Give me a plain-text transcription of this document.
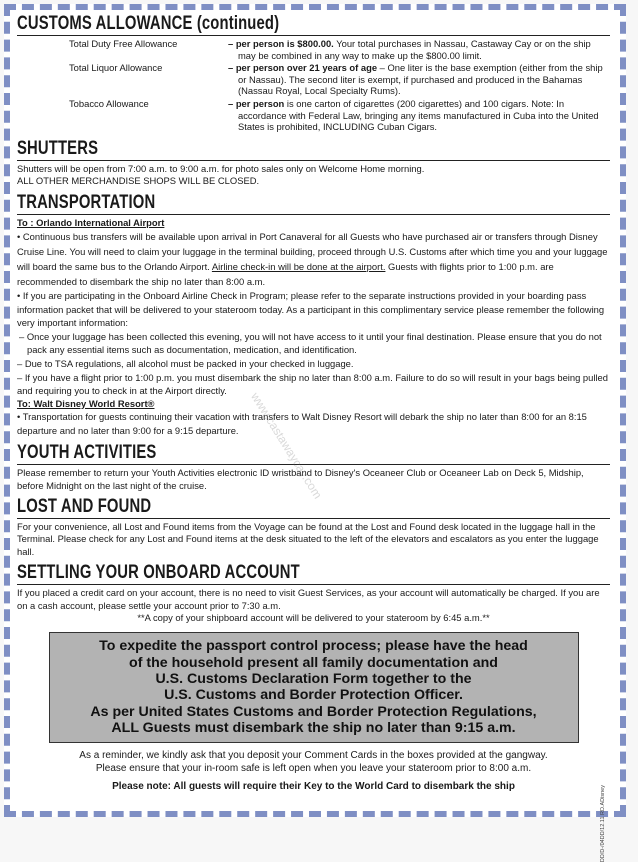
CUSTOMS ALLOWANCE (continued)
Total Duty Free Allowance	– per person is $800.00. Your total purchases in Nassau, Castaway Cay or on the ship may be combined in any way to make up the $800.00 limit.
Total Liquor Allowance	– per person over 21 years of age – One liter is the base exemption (either from the ship or Nassau). The second liter is exempt, if purchased and produced in the Bahamas (Nassau Royal, Local Specialty Rums).
Tobacco Allowance	– per person is one carton of cigarettes (200 cigarettes) and 100 cigars. Note: In accordance with Federal Law, bringing any items manufactured in Cuba into the United States is prohibited, INCLUDING Cuban Cigars.
SHUTTERS

Shutters will be open from 7:00 a.m. to 9:00 a.m. for photo sales only on Welcome Home morning.

ALL OTHER MERCHANDISE SHOPS WILL BE CLOSED.

TRANSPORTATION

To : Orlando International Airport

• Continuous bus transfers will be available upon arrival in Port Canaveral for all Guests who have purchased air or transfers through Disney Cruise Line. You will need to claim your luggage in the terminal building, proceed through U.S. Customs after which time you and your luggage will board the same bus to the Orlando Airport. Airline check-in will be done at the airport. Guests with flights prior to 1:00 p.m. are recommended to disembark the ship no later than 8:00 a.m.

• If you are participating in the Onboard Airline Check in Program; please refer to the separate instructions provided in your boarding pass information packet that will be delivered to your stateroom today. As a participant in this complimentary service please remember the following very important information:

– Once your luggage has been collected this evening, you will not have access to it until your final destination. Please ensure that you do not pack any essential items such as documentation, medication, and identification.

– Due to TSA regulations, all alcohol must be packed in your checked in luggage.

– If you have a flight prior to 1:00 p.m. you must disembark the ship no later than 8:00 a.m. Failure to do so will result in your bags being pulled and requiring you to check in at the Airport directly.

To: Walt Disney World Resort®

• Transportation for guests continuing their vacation with transfers to Walt Disney Resort will debark the ship no later than 8:00 for an 8:15 departure and no later than 9:00 for a 9:15 departure.

YOUTH ACTIVITIES

Please remember to return your Youth Activities electronic ID wristband to Disney's Oceaneer Club or Oceaneer Lab on Deck 5, Midship, before Midnight on the last night of the cruise.

LOST AND FOUND

For your convenience, all Lost and Found items from the Voyage can be found at the Lost and Found desk located in the luggage hall in the Terminal. Please check for any Lost and Found items at the desk situated to the left of the elevators and escalators as you enter the luggage hall.

SETTLING YOUR ONBOARD ACCOUNT

If you placed a credit card on your account, there is no need to visit Guest Services, as your account will automatically be charged. If you are on a cash account, please settle your account prior to 7:30 a.m.

**A copy of your shipboard account will be delivered to your stateroom by 6:45 a.m.**

To expedite the passport control process; please have the head
of the household present all family documentation and
U.S. Customs Declaration Form together to the
U.S. Customs and Border Protection Officer.
As per United States Customs and Border Protection Regulations,
ALL Guests must disembark the ship no later than 9:15 a.m.

As a reminder, we kindly ask that you deposit your Comment Cards in the boxes provided at the gangway.

Please ensure that your in-room safe is left open when you leave your stateroom prior to 8:00 a.m.

Please note: All guests will require their Key to the World Card to disembark the ship

www.castawaycay.com
DD/D-/04DD/12.11 RD.ADisney
